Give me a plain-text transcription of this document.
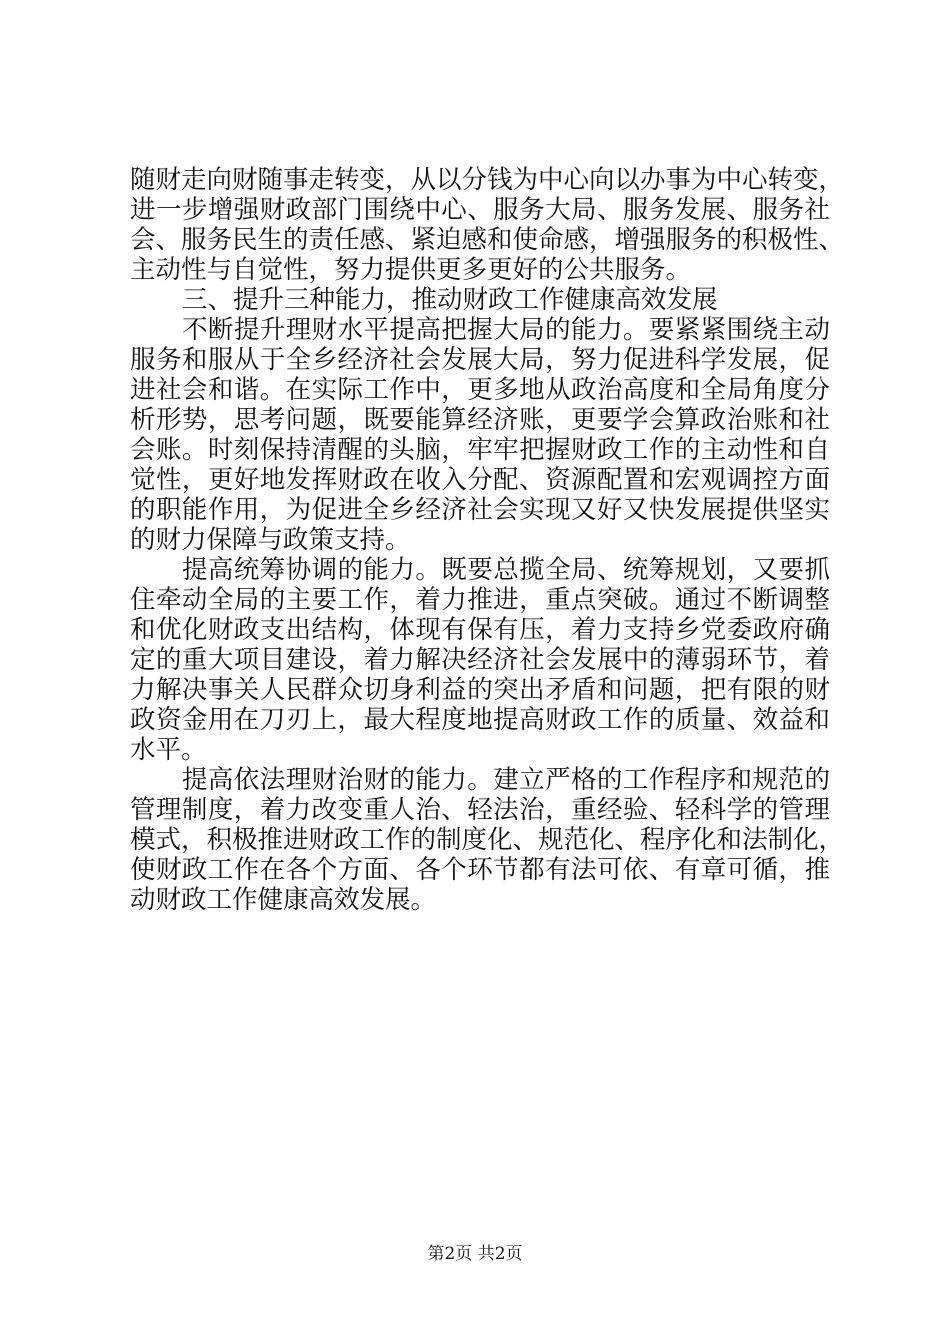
随财走向财随事走转变，从以分钱为中心向以办事为中心转变，
进一步增强财政部门围绕中心、服务大局、服务发展、服务社
会、服务民生的责任感、紧迫感和使命感，增强服务的积极性、
主动性与自觉性，努力提供更多更好的公共服务。
三、提升三种能力，推动财政工作健康高效发展
不断提升理财水平提高把握大局的能力。要紧紧围绕主动
服务和服从于全乡经济社会发展大局，努力促进科学发展，促
进社会和谐。在实际工作中，更多地从政治高度和全局角度分
析形势，思考问题，既要能算经济账，更要学会算政治账和社
会账。时刻保持清醒的头脑，牢牢把握财政工作的主动性和自
觉性，更好地发挥财政在收入分配、资源配置和宏观调控方面
的职能作用，为促进全乡经济社会实现又好又快发展提供坚实
的财力保障与政策支持。
提高统筹协调的能力。既要总揽全局、统筹规划，又要抓
住牵动全局的主要工作，着力推进，重点突破。通过不断调整
和优化财政支出结构，体现有保有压，着力支持乡党委政府确
定的重大项目建设，着力解决经济社会发展中的薄弱环节，着
力解决事关人民群众切身利益的突出矛盾和问题，把有限的财
政资金用在刀刃上，最大程度地提高财政工作的质量、效益和
水平。
提高依法理财治财的能力。建立严格的工作程序和规范的
管理制度，着力改变重人治、轻法治，重经验、轻科学的管理
模式，积极推进财政工作的制度化、规范化、程序化和法制化，
使财政工作在各个方面、各个环节都有法可依、有章可循，推
动财政工作健康高效发展。
第2页 共2页
